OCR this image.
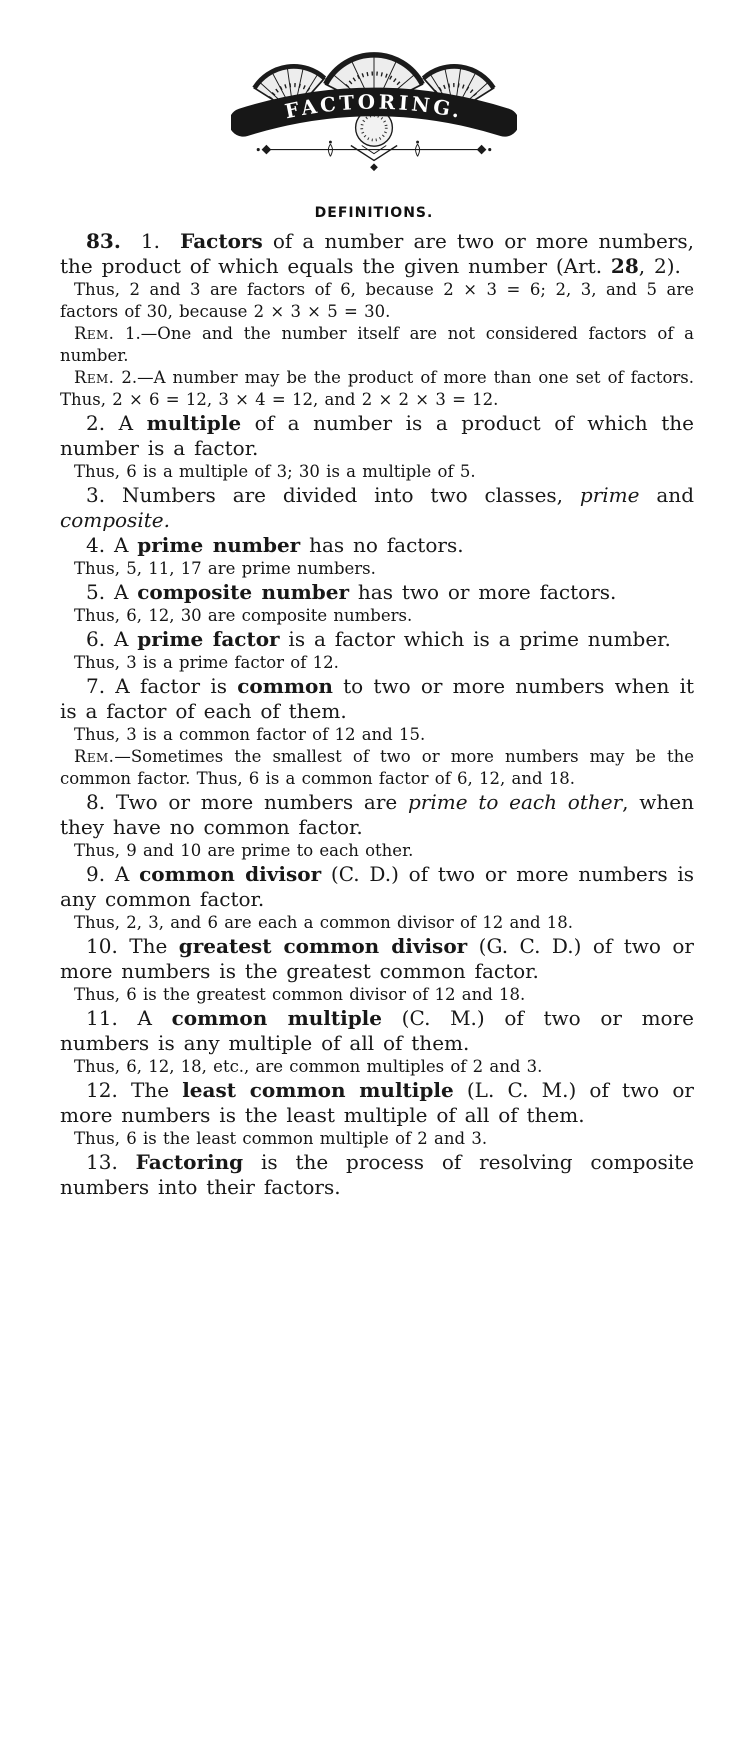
FACTORING.
DEFINITIONS.

83.  1.  Factors of a number are two or more numbers, the product of which equals the given number (Art. 28, 2).

Thus, 2 and 3 are factors of 6, because 2 × 3 = 6; 2, 3, and 5 are factors of 30, because 2 × 3 × 5 = 30.

Rem. 1.—One and the number itself are not considered factors of a number.

Rem. 2.—A number may be the product of more than one set of factors. Thus, 2 × 6 = 12, 3 × 4 = 12, and 2 × 2 × 3 = 12.

2. A multiple of a number is a product of which the number is a factor.

Thus, 6 is a multiple of 3; 30 is a multiple of 5.

3. Numbers are divided into two classes, prime and composite.

4. A prime number has no factors.

Thus, 5, 11, 17 are prime numbers.

5. A composite number has two or more factors.

Thus, 6, 12, 30 are composite numbers.

6. A prime factor is a factor which is a prime number.

Thus, 3 is a prime factor of 12.

7. A factor is common to two or more numbers when it is a factor of each of them.

Thus, 3 is a common factor of 12 and 15.

Rem.—Sometimes the smallest of two or more numbers may be the common factor. Thus, 6 is a common factor of 6, 12, and 18.

8. Two or more numbers are prime to each other, when they have no common factor.

Thus, 9 and 10 are prime to each other.

9. A common divisor (C. D.) of two or more numbers is any common factor.

Thus, 2, 3, and 6 are each a common divisor of 12 and 18.

10. The greatest common divisor (G. C. D.) of two or more numbers is the greatest common factor.

Thus, 6 is the greatest common divisor of 12 and 18.

11. A common multiple (C. M.) of two or more numbers is any multiple of all of them.

Thus, 6, 12, 18, etc., are common multiples of 2 and 3.

12. The least common multiple (L. C. M.) of two or more numbers is the least multiple of all of them.

Thus, 6 is the least common multiple of 2 and 3.

13. Factoring is the process of resolving composite numbers into their factors.
